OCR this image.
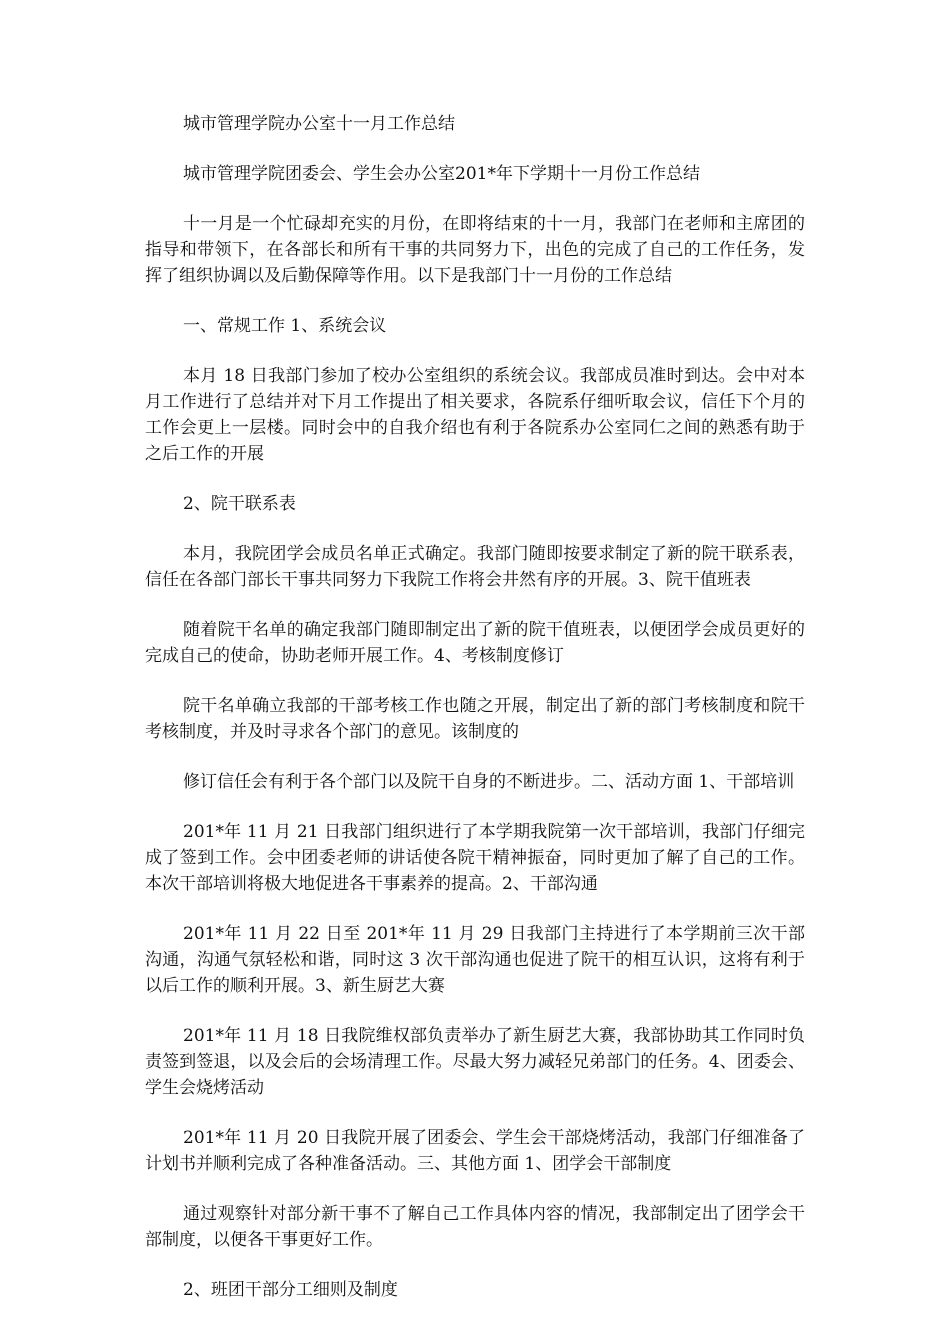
城市管理学院办公室十一月工作总结

城市管理学院团委会、学生会办公室201*年下学期十一月份工作总结

十一月是一个忙碌却充实的月份，在即将结束的十一月，我部门在老师和主席团的指导和带领下，在各部长和所有干事的共同努力下，出色的完成了自己的工作任务，发挥了组织协调以及后勤保障等作用。以下是我部门十一月份的工作总结

一、常规工作 1、系统会议

本月 18 日我部门参加了校办公室组织的系统会议。我部成员准时到达。会中对本月工作进行了总结并对下月工作提出了相关要求，各院系仔细听取会议，信任下个月的工作会更上一层楼。同时会中的自我介绍也有利于各院系办公室同仁之间的熟悉有助于之后工作的开展

2、院干联系表

本月，我院团学会成员名单正式确定。我部门随即按要求制定了新的院干联系表，信任在各部门部长干事共同努力下我院工作将会井然有序的开展。3、院干值班表

随着院干名单的确定我部门随即制定出了新的院干值班表，以便团学会成员更好的完成自己的使命，协助老师开展工作。4、考核制度修订

院干名单确立我部的干部考核工作也随之开展，制定出了新的部门考核制度和院干考核制度，并及时寻求各个部门的意见。该制度的

修订信任会有利于各个部门以及院干自身的不断进步。二、活动方面 1、干部培训

201*年 11 月 21 日我部门组织进行了本学期我院第一次干部培训，我部门仔细完成了签到工作。会中团委老师的讲话使各院干精神振奋，同时更加了解了自己的工作。本次干部培训将极大地促进各干事素养的提高。2、干部沟通

201*年 11 月 22 日至 201*年 11 月 29 日我部门主持进行了本学期前三次干部沟通，沟通气氛轻松和谐，同时这 3 次干部沟通也促进了院干的相互认识，这将有利于以后工作的顺利开展。3、新生厨艺大赛

201*年 11 月 18 日我院维权部负责举办了新生厨艺大赛，我部协助其工作同时负责签到签退，以及会后的会场清理工作。尽最大努力减轻兄弟部门的任务。4、团委会、学生会烧烤活动

201*年 11 月 20 日我院开展了团委会、学生会干部烧烤活动，我部门仔细准备了计划书并顺利完成了各种准备活动。三、其他方面 1、团学会干部制度

通过观察针对部分新干事不了解自己工作具体内容的情况，我部制定出了团学会干部制度，以便各干事更好工作。

2、班团干部分工细则及制度
